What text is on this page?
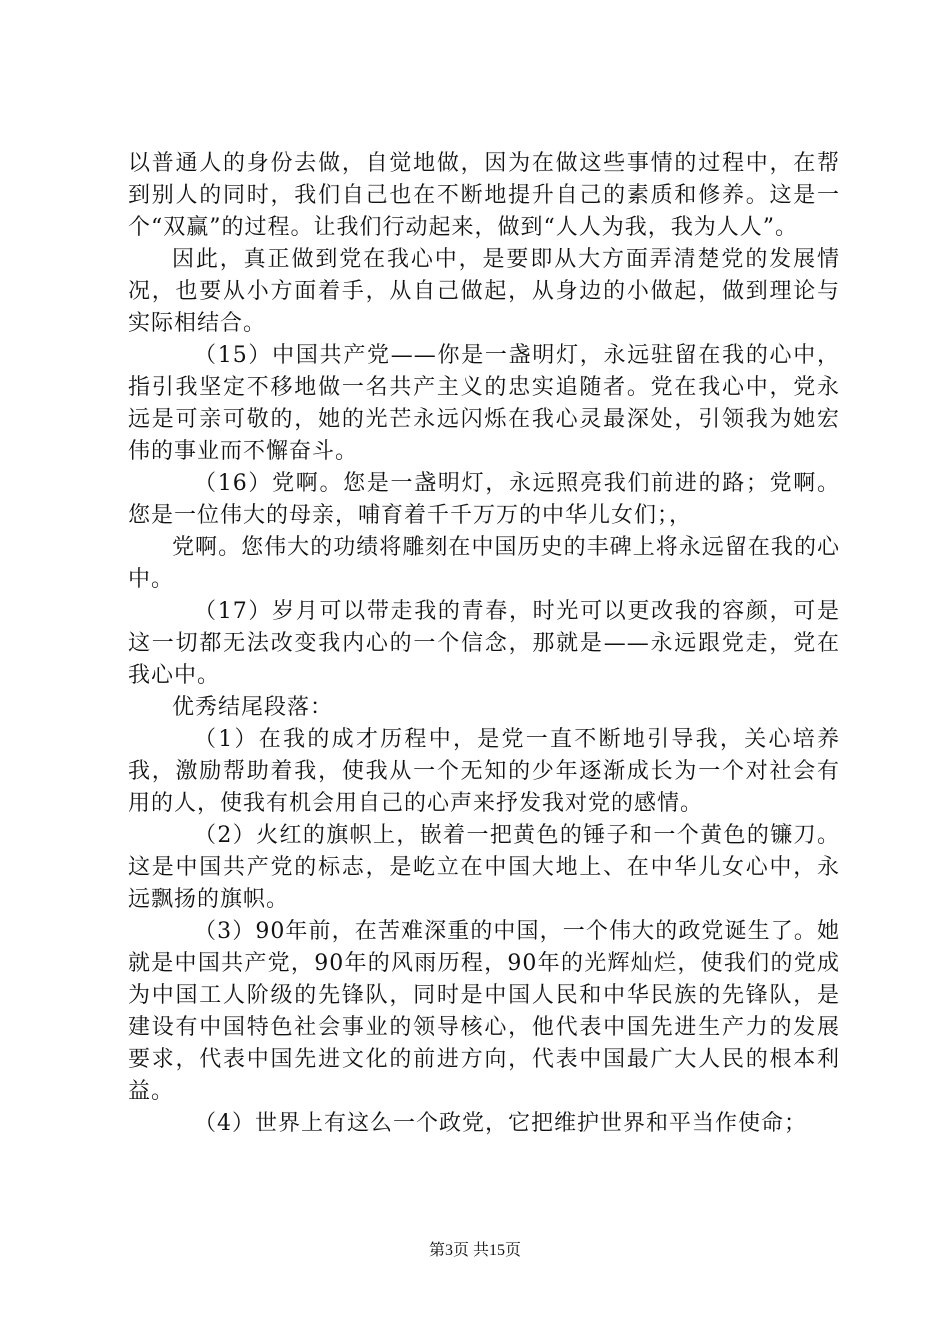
以普通人的身份去做，自觉地做，因为在做这些事情的过程中，在帮到别人的同时，我们自己也在不断地提升自己的素质和修养。这是一个“双赢”的过程。让我们行动起来，做到“人人为我，我为人人”。

因此，真正做到党在我心中，是要即从大方面弄清楚党的发展情况，也要从小方面着手，从自己做起，从身边的小做起，做到理论与实际相结合。

（15）中国共产党——你是一盏明灯，永远驻留在我的心中，指引我坚定不移地做一名共产主义的忠实追随者。党在我心中，党永远是可亲可敬的，她的光芒永远闪烁在我心灵最深处，引领我为她宏伟的事业而不懈奋斗。

（16）党啊。您是一盏明灯，永远照亮我们前进的路；党啊。您是一位伟大的母亲，哺育着千千万万的中华儿女们；，

党啊。您伟大的功绩将雕刻在中国历史的丰碑上将永远留在我的心中。

（17）岁月可以带走我的青春，时光可以更改我的容颜，可是这一切都无法改变我内心的一个信念，那就是——永远跟党走，党在我心中。

优秀结尾段落：

（1）在我的成才历程中，是党一直不断地引导我，关心培养我，激励帮助着我，使我从一个无知的少年逐渐成长为一个对社会有用的人，使我有机会用自己的心声来抒发我对党的感情。

（2）火红的旗帜上，嵌着一把黄色的锤子和一个黄色的镰刀。这是中国共产党的标志，是屹立在中国大地上、在中华儿女心中，永远飘扬的旗帜。

（3）90年前，在苦难深重的中国，一个伟大的政党诞生了。她就是中国共产党，90年的风雨历程，90年的光辉灿烂，使我们的党成为中国工人阶级的先锋队，同时是中国人民和中华民族的先锋队，是建设有中国特色社会事业的领导核心，他代表中国先进生产力的发展要求，代表中国先进文化的前进方向，代表中国最广大人民的根本利益。

（4）世界上有这么一个政党，它把维护世界和平当作使命；

第3页 共15页
